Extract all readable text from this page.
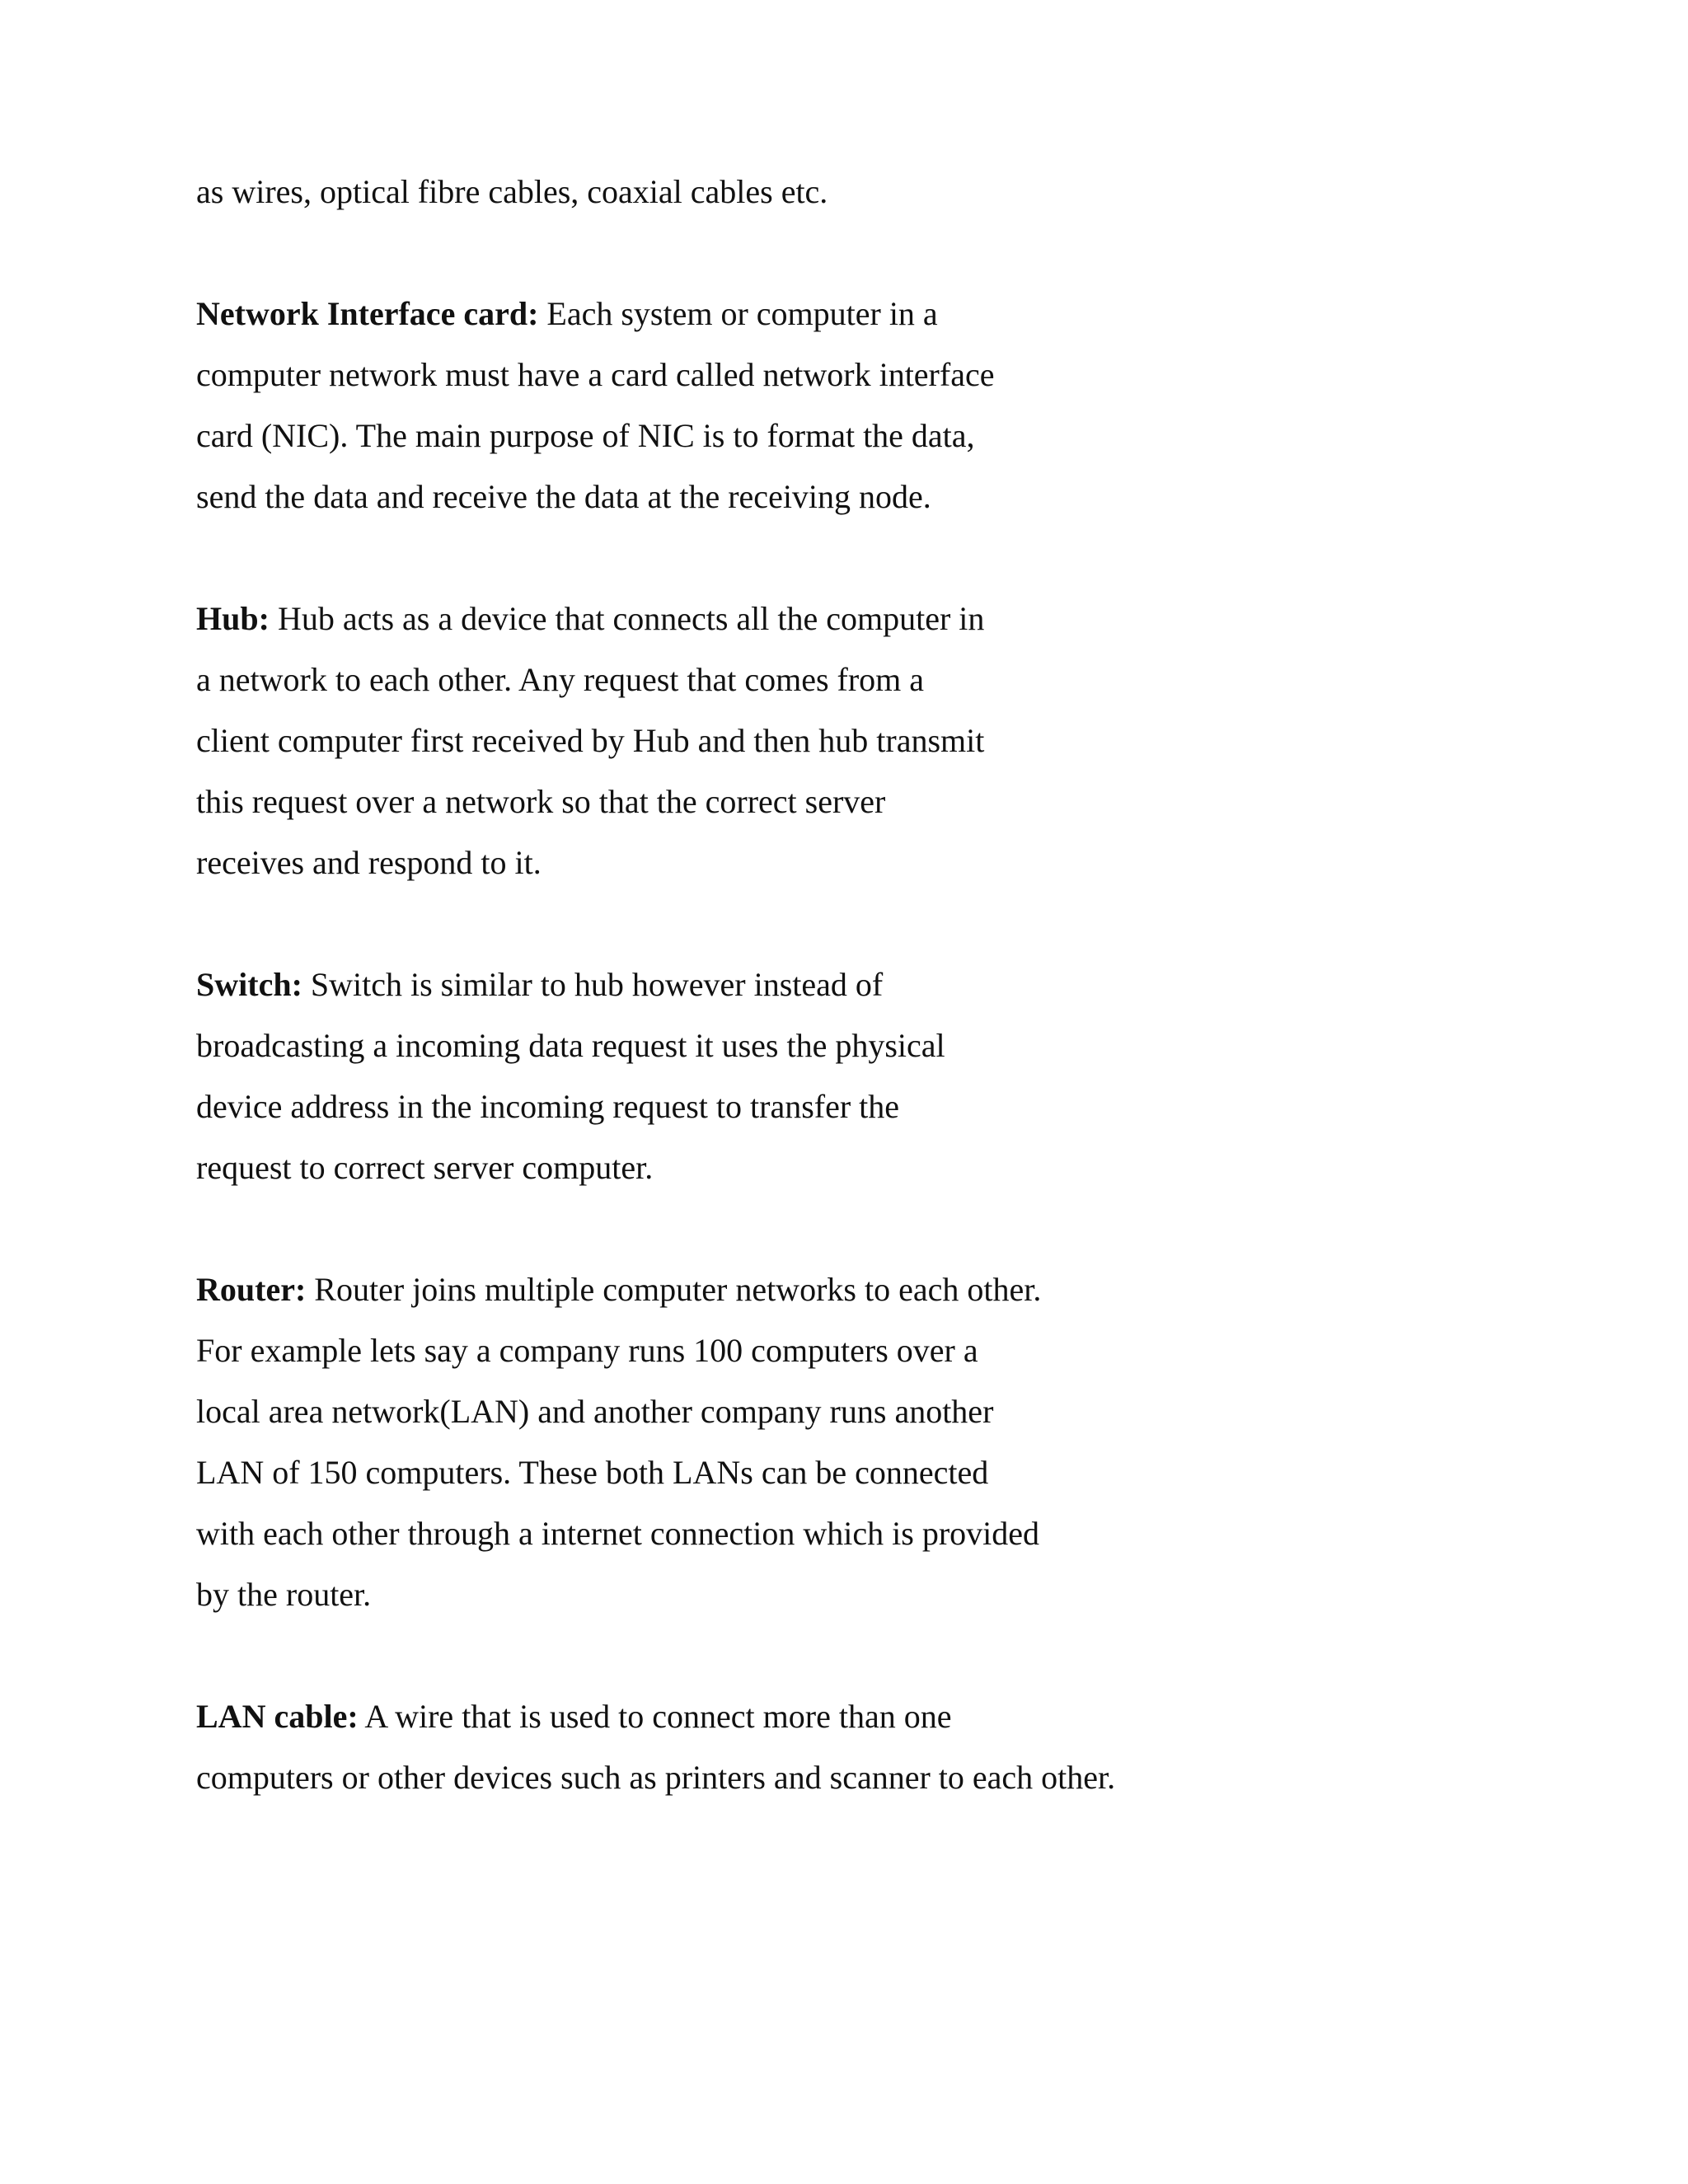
as wires, optical fibre cables, coaxial cables etc.
Network Interface card: Each system or computer in a
computer network must have a card called network interface
card (NIC). The main purpose of NIC is to format the data,
send the data and receive the data at the receiving node.
Hub: Hub acts as a device that connects all the computer in
a network to each other. Any request that comes from a
client computer first received by Hub and then hub transmit
this request over a network so that the correct server
receives and respond to it.
Switch: Switch is similar to hub however instead of
broadcasting a incoming data request it uses the physical
device address in the incoming request to transfer the
request to correct server computer.
Router: Router joins multiple computer networks to each other.
For example lets say a company runs 100 computers over a
local area network(LAN) and another company runs another
LAN of 150 computers. These both LANs can be connected
with each other through a internet connection which is provided
by the router.
LAN cable: A wire that is used to connect more than one
computers or other devices such as printers and scanner to each other.
